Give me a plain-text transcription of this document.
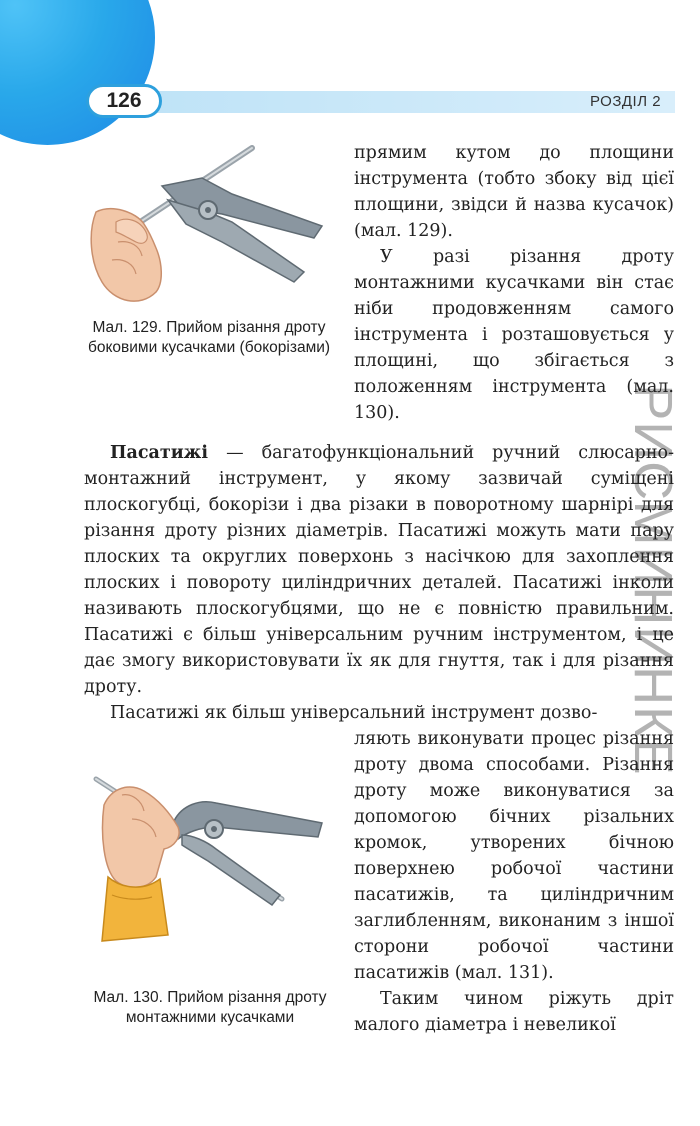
126	РОЗДІЛ 2
РИСМИНИНКЕ
Мал. 129. Прийом різання дроту боковими кусачками (бокорізами)
Мал. 130. Прийом різання дроту монтажними кусачками

прямим кутом до площини інструмента (тобто збоку від цієї площини, звідси й назва кусачок) (мал. 129).

У разі різання дроту монтажними кусачками він стає ніби продовженням самого інструмента і розташовується у площині, що збігається з положенням інструмента (мал. 130).

Пасатижі — багатофункціональний ручний слюсарно-монтажний інструмент, у якому зазвичай суміщені плоскогубці, бокорізи і два різаки в поворотному шарнірі для різання дроту різних діаметрів. Пасатижі можуть мати пару плоских та округлих поверхонь з насічкою для захоплення плоских і повороту циліндричних деталей. Пасатижі інколи називають плоскогубцями, що не є повністю правильним. Пасатижі є більш універсальним ручним інструментом, і це дає змогу використовувати їх як для гнуття, так і для різання дроту.

Пасатижі як більш універсальний інструмент дозво-

ляють виконувати процес різання дроту двома способами. Різання дроту може виконуватися за допомогою бічних різальних кромок, утворених бічною поверхнею робочої частини пасатижів, та циліндричним заглибленням, виконаним з іншої сторони робочої частини пасатижів (мал. 131).

Таким чином ріжуть дріт малого діаметра і невеликої
